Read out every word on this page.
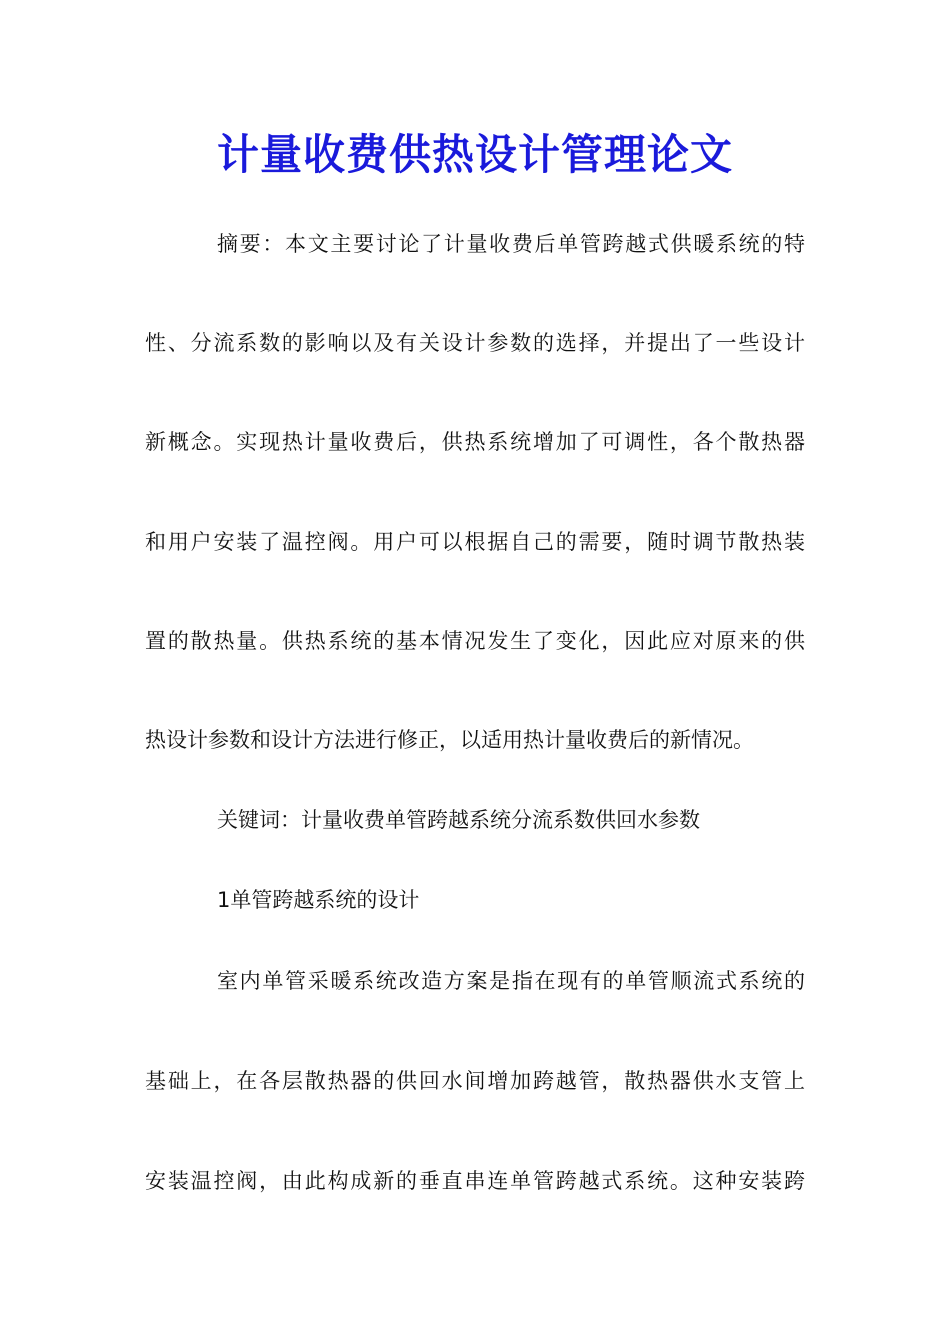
计量收费供热设计管理论文

摘要：本文主要讨论了计量收费后单管跨越式供暖系统的特

性、分流系数的影响以及有关设计参数的选择，并提出了一些设计

新概念。实现热计量收费后，供热系统增加了可调性，各个散热器

和用户安装了温控阀。用户可以根据自己的需要，随时调节散热装

置的散热量。供热系统的基本情况发生了变化，因此应对原来的供

热设计参数和设计方法进行修正，以适用热计量收费后的新情况。

关键词：计量收费单管跨越系统分流系数供回水参数

1单管跨越系统的设计

室内单管采暖系统改造方案是指在现有的单管顺流式系统的

基础上，在各层散热器的供回水间增加跨越管，散热器供水支管上

安装温控阀，由此构成新的垂直串连单管跨越式系统。这种安装跨
